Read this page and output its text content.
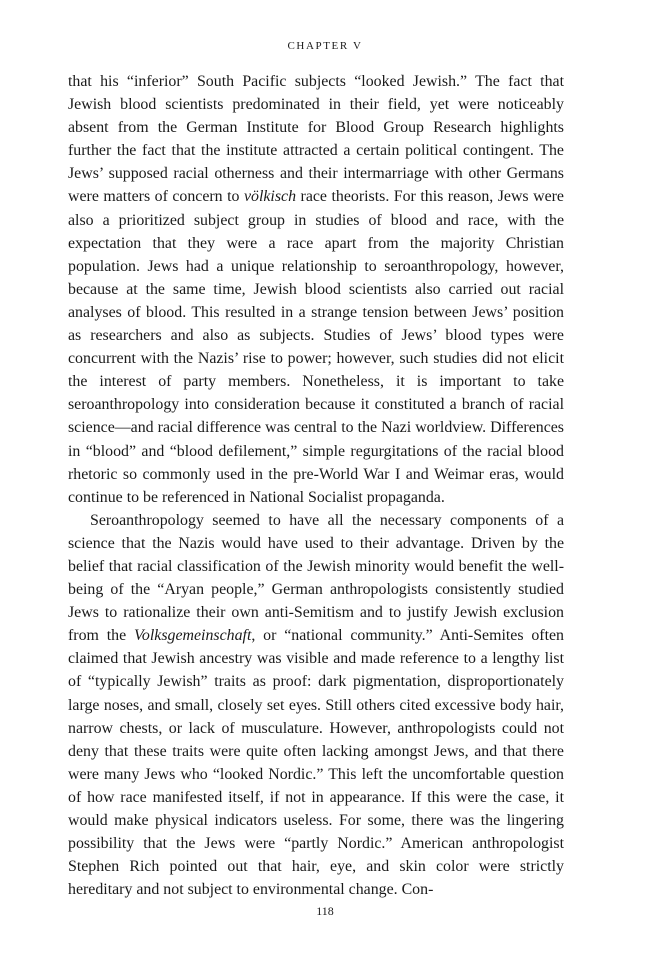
CHAPTER V

that his “inferior” South Pacific subjects “looked Jewish.” The fact that Jewish blood scientists predominated in their field, yet were noticeably absent from the German Institute for Blood Group Research highlights further the fact that the institute attracted a certain political contingent. The Jews’ supposed racial otherness and their intermarriage with other Germans were matters of concern to völkisch race theorists. For this reason, Jews were also a prioritized subject group in studies of blood and race, with the expectation that they were a race apart from the majority Christian population. Jews had a unique relationship to seroanthropology, however, because at the same time, Jewish blood scientists also carried out racial analyses of blood. This resulted in a strange tension between Jews’ position as researchers and also as subjects. Studies of Jews’ blood types were concurrent with the Nazis’ rise to power; however, such studies did not elicit the interest of party members. Nonetheless, it is important to take seroanthropology into consideration because it constituted a branch of racial science—and racial difference was central to the Nazi worldview. Differences in “blood” and “blood defilement,” simple regurgitations of the racial blood rhetoric so commonly used in the pre-World War I and Weimar eras, would continue to be referenced in National Socialist propaganda.

Seroanthropology seemed to have all the necessary components of a science that the Nazis would have used to their advantage. Driven by the belief that racial classification of the Jewish minority would benefit the well-being of the “Aryan people,” German anthropologists consistently studied Jews to rationalize their own anti-Semitism and to justify Jewish exclusion from the Volksgemeinschaft, or “national community.” Anti-Semites often claimed that Jewish ancestry was visible and made reference to a lengthy list of “typically Jewish” traits as proof: dark pigmentation, disproportionately large noses, and small, closely set eyes. Still others cited excessive body hair, narrow chests, or lack of musculature. However, anthropologists could not deny that these traits were quite often lacking amongst Jews, and that there were many Jews who “looked Nordic.” This left the uncomfortable question of how race manifested itself, if not in appearance. If this were the case, it would make physical indicators useless. For some, there was the lingering possibility that the Jews were “partly Nordic.” American anthropologist Stephen Rich pointed out that hair, eye, and skin color were strictly hereditary and not subject to environmental change. Con-

118
